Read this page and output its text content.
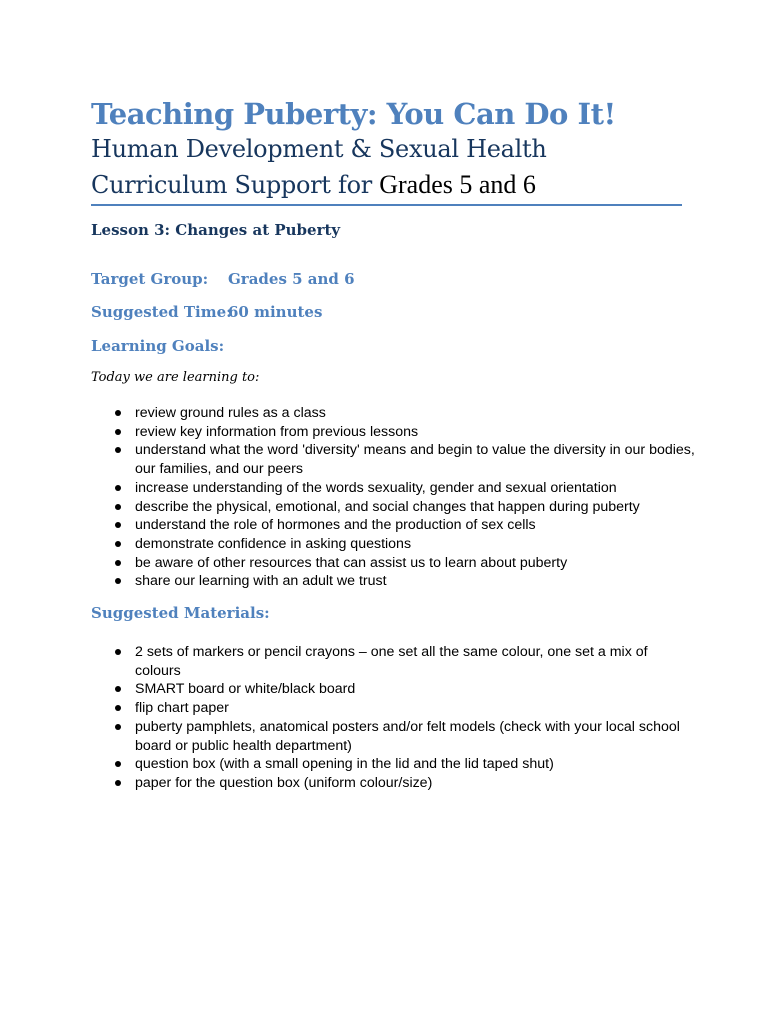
Teaching Puberty: You Can Do It!
Human Development & Sexual Health
Curriculum Support for Grades 5 and 6
Lesson 3: Changes at Puberty
Target Group: Grades 5 and 6
Suggested Time:
60 minutes
Learning Goals:
Today we are learning to:
review ground rules as a class
review key information from previous lessons
understand what the word 'diversity' means and begin to value the diversity in our bodies, our families, and our peers
increase understanding of the words sexuality, gender and sexual orientation
describe the physical, emotional, and social changes that happen during puberty
understand the role of hormones and the production of sex cells
demonstrate confidence in asking questions
be aware of other resources that can assist us to learn about puberty
share our learning with an adult we trust
Suggested Materials:
2 sets of markers or pencil crayons – one set all the same colour, one set a mix of colours
SMART board or white/black board
flip chart paper
puberty pamphlets, anatomical posters and/or felt models (check with your local school board or public health department)
question box (with a small opening in the lid and the lid taped shut)
paper for the question box (uniform colour/size)
